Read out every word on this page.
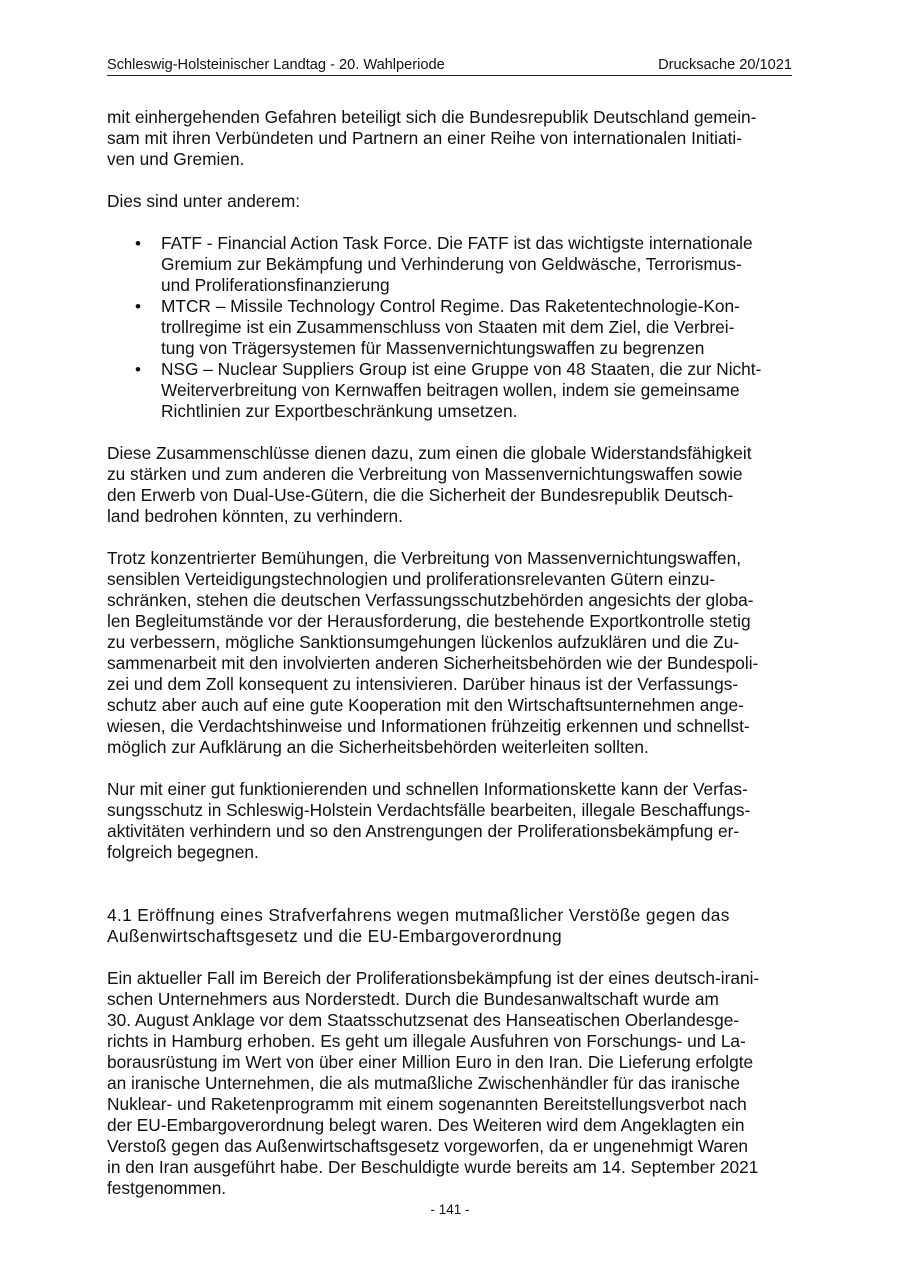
Schleswig-Holsteinischer Landtag - 20. Wahlperiode	Drucksache 20/1021

mit einhergehenden Gefahren beteiligt sich die Bundesrepublik Deutschland gemein-
sam mit ihren Verbündeten und Partnern an einer Reihe von internationalen Initiati-
ven und Gremien.

Dies sind unter anderem:

• FATF - Financial Action Task Force. Die FATF ist das wichtigste internationale
Gremium zur Bekämpfung und Verhinderung von Geldwäsche, Terrorismus-
und Proliferationsfinanzierung
• MTCR – Missile Technology Control Regime. Das Raketentechnologie-Kon-
trollregime ist ein Zusammenschluss von Staaten mit dem Ziel, die Verbrei-
tung von Trägersystemen für Massenvernichtungswaffen zu begrenzen
• NSG – Nuclear Suppliers Group ist eine Gruppe von 48 Staaten, die zur Nicht-
Weiterverbreitung von Kernwaffen beitragen wollen, indem sie gemeinsame
Richtlinien zur Exportbeschränkung umsetzen.

Diese Zusammenschlüsse dienen dazu, zum einen die globale Widerstandsfähigkeit
zu stärken und zum anderen die Verbreitung von Massenvernichtungswaffen sowie
den Erwerb von Dual-Use-Gütern, die die Sicherheit der Bundesrepublik Deutsch-
land bedrohen könnten, zu verhindern.

Trotz konzentrierter Bemühungen, die Verbreitung von Massenvernichtungswaffen,
sensiblen Verteidigungstechnologien und proliferationsrelevanten Gütern einzu-
schränken, stehen die deutschen Verfassungsschutzbehörden angesichts der globa-
len Begleitumstände vor der Herausforderung, die bestehende Exportkontrolle stetig
zu verbessern, mögliche Sanktionsumgehungen lückenlos aufzuklären und die Zu-
sammenarbeit mit den involvierten anderen Sicherheitsbehörden wie der Bundespoli-
zei und dem Zoll konsequent zu intensivieren. Darüber hinaus ist der Verfassungs-
schutz aber auch auf eine gute Kooperation mit den Wirtschaftsunternehmen ange-
wiesen, die Verdachtshinweise und Informationen frühzeitig erkennen und schnellst-
möglich zur Aufklärung an die Sicherheitsbehörden weiterleiten sollten.

Nur mit einer gut funktionierenden und schnellen Informationskette kann der Verfas-
sungsschutz in Schleswig-Holstein Verdachtsfälle bearbeiten, illegale Beschaffungs-
aktivitäten verhindern und so den Anstrengungen der Proliferationsbekämpfung er-
folgreich begegnen.

4.1 Eröffnung eines Strafverfahrens wegen mutmaßlicher Verstöße gegen das
Außenwirtschaftsgesetz und die EU-Embargoverordnung

Ein aktueller Fall im Bereich der Proliferationsbekämpfung ist der eines deutsch-irani-
schen Unternehmers aus Norderstedt. Durch die Bundesanwaltschaft wurde am
30. August Anklage vor dem Staatsschutzsenat des Hanseatischen Oberlandesge-
richts in Hamburg erhoben. Es geht um illegale Ausfuhren von Forschungs- und La-
borausrüstung im Wert von über einer Million Euro in den Iran. Die Lieferung erfolgte
an iranische Unternehmen, die als mutmaßliche Zwischenhändler für das iranische
Nuklear- und Raketenprogramm mit einem sogenannten Bereitstellungsverbot nach
der EU-Embargoverordnung belegt waren. Des Weiteren wird dem Angeklagten ein
Verstoß gegen das Außenwirtschaftsgesetz vorgeworfen, da er ungenehmigt Waren
in den Iran ausgeführt habe. Der Beschuldigte wurde bereits am 14. September 2021
festgenommen.

- 141 -
